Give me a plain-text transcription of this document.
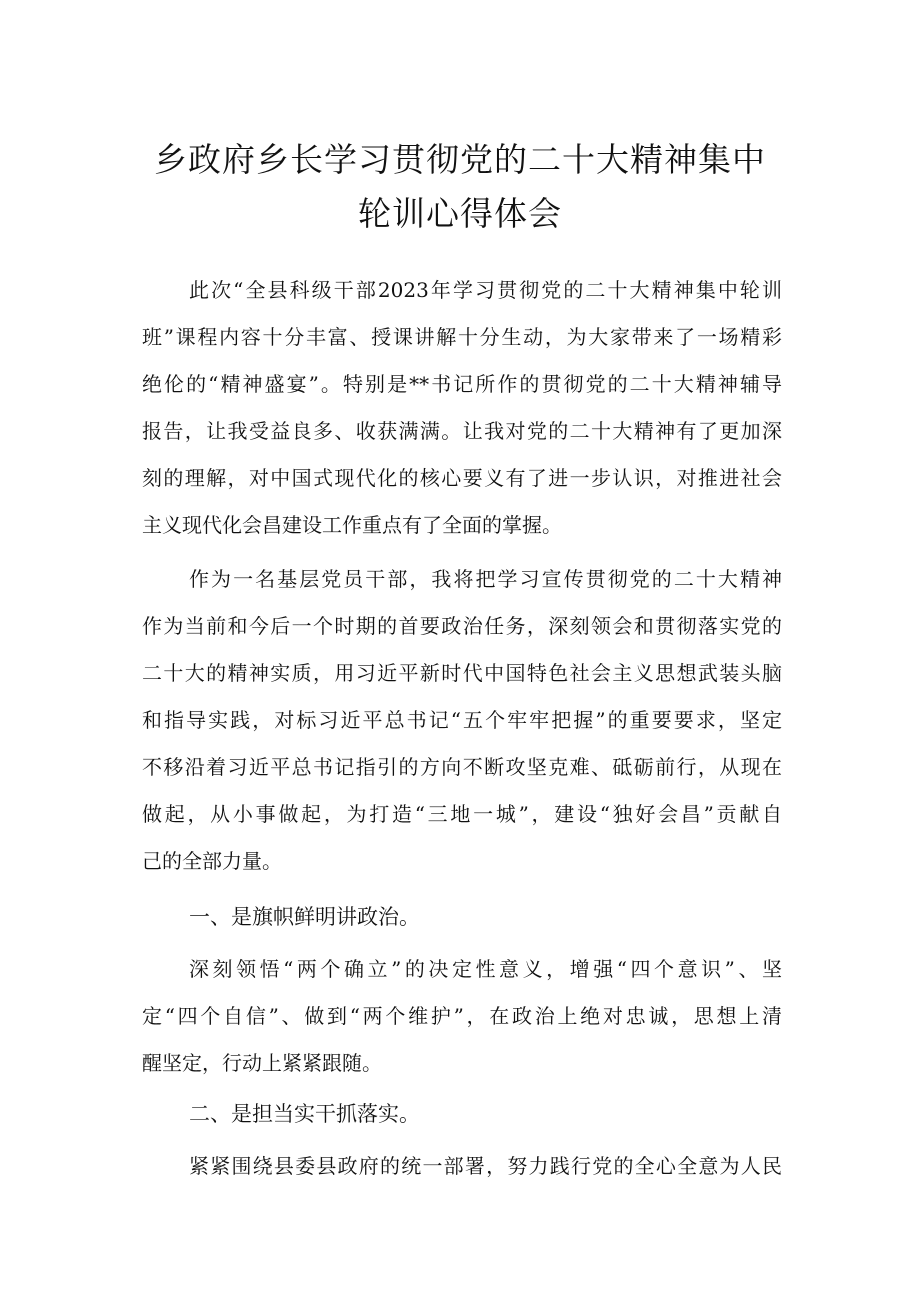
乡政府乡长学习贯彻党的二十大精神集中
轮训心得体会
此次“全县科级干部2023年学习贯彻党的二十大精神集中轮训
班”课程内容十分丰富、授课讲解十分生动，为大家带来了一场精彩
绝伦的“精神盛宴”。特别是**书记所作的贯彻党的二十大精神辅导
报告，让我受益良多、收获满满。让我对党的二十大精神有了更加深
刻的理解，对中国式现代化的核心要义有了进一步认识，对推进社会
主义现代化会昌建设工作重点有了全面的掌握。
作为一名基层党员干部，我将把学习宣传贯彻党的二十大精神
作为当前和今后一个时期的首要政治任务，深刻领会和贯彻落实党的
二十大的精神实质，用习近平新时代中国特色社会主义思想武装头脑
和指导实践，对标习近平总书记“五个牢牢把握”的重要要求，坚定
不移沿着习近平总书记指引的方向不断攻坚克难、砥砺前行，从现在
做起，从小事做起，为打造“三地一城”，建设“独好会昌”贡献自
己的全部力量。
一、是旗帜鲜明讲政治。
深刻领悟“两个确立”的决定性意义，增强“四个意识”、坚
定“四个自信”、做到“两个维护”，在政治上绝对忠诚，思想上清
醒坚定，行动上紧紧跟随。
二、是担当实干抓落实。
紧紧围绕县委县政府的统一部署，努力践行党的全心全意为人民
